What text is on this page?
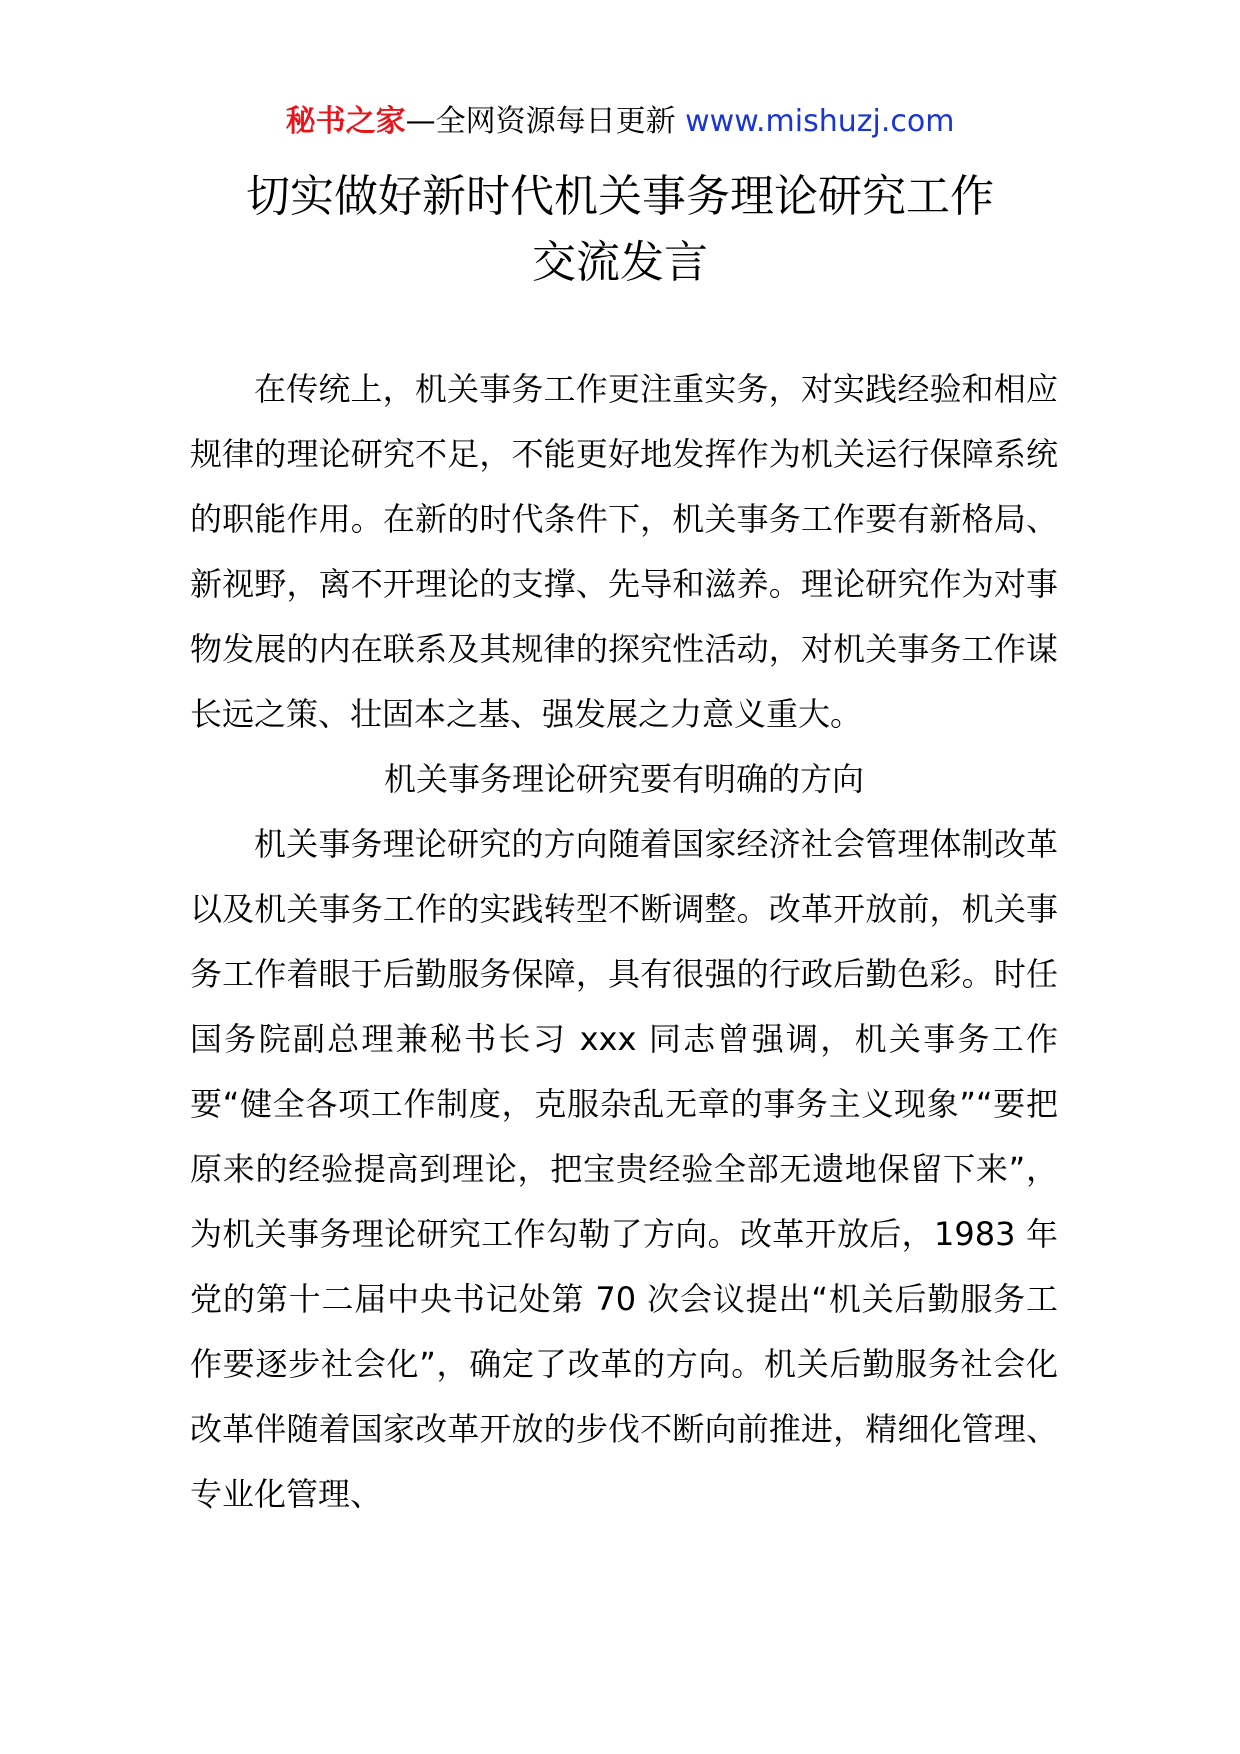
秘书之家—全网资源每日更新 www.mishuzj.com
切实做好新时代机关事务理论研究工作
交流发言

在传统上，机关事务工作更注重实务，对实践经验和相应规律的理论研究不足，不能更好地发挥作为机关运行保障系统的职能作用。在新的时代条件下，机关事务工作要有新格局、新视野，离不开理论的支撑、先导和滋养。理论研究作为对事物发展的内在联系及其规律的探究性活动，对机关事务工作谋长远之策、壮固本之基、强发展之力意义重大。

机关事务理论研究要有明确的方向

机关事务理论研究的方向随着国家经济社会管理体制改革以及机关事务工作的实践转型不断调整。改革开放前，机关事务工作着眼于后勤服务保障，具有很强的行政后勤色彩。时任国务院副总理兼秘书长习 xxx 同志曾强调，机关事务工作要“健全各项工作制度，克服杂乱无章的事务主义现象”“要把原来的经验提高到理论，把宝贵经验全部无遗地保留下来”，为机关事务理论研究工作勾勒了方向。改革开放后，1983 年党的第十二届中央书记处第 70 次会议提出“机关后勤服务工作要逐步社会化”，确定了改革的方向。机关后勤服务社会化改革伴随着国家改革开放的步伐不断向前推进，精细化管理、专业化管理、
